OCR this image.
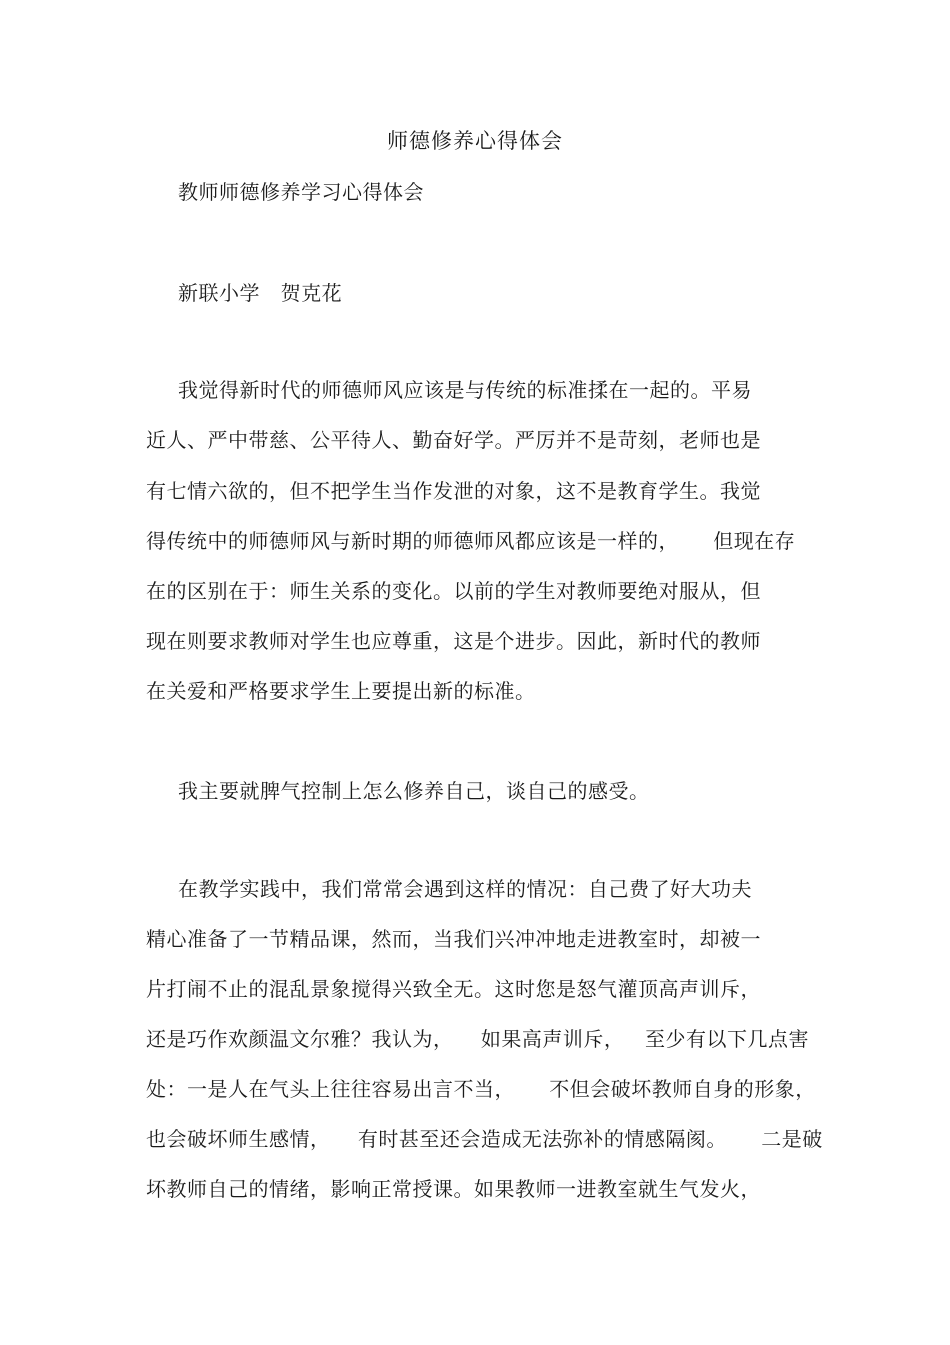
师德修养心得体会
教师师德修养学习心得体会
新联小学   贺克花
我觉得新时代的师德师风应该是与传统的标准揉在一起的。平易
近人、严中带慈、公平待人、勤奋好学。严厉并不是苛刻，老师也是
有七情六欲的，但不把学生当作发泄的对象，这不是教育学生。我觉
得传统中的师德师风与新时期的师德师风都应该是一样的，     但现在存
在的区别在于：师生关系的变化。以前的学生对教师要绝对服从，但
现在则要求教师对学生也应尊重，这是个进步。因此，新时代的教师
在关爱和严格要求学生上要提出新的标准。
我主要就脾气控制上怎么修养自己，谈自己的感受。
在教学实践中，我们常常会遇到这样的情况：自己费了好大功夫
精心准备了一节精品课，然而，当我们兴冲冲地走进教室时，却被一
片打闹不止的混乱景象搅得兴致全无。这时您是怒气灌顶高声训斥，
还是巧作欢颜温文尔雅？我认为，    如果高声训斥，   至少有以下几点害
处：一是人在气头上往往容易出言不当，     不但会破坏教师自身的形象，
也会破坏师生感情，    有时甚至还会造成无法弥补的情感隔阂。     二是破
坏教师自己的情绪，影响正常授课。如果教师一进教室就生气发火，
